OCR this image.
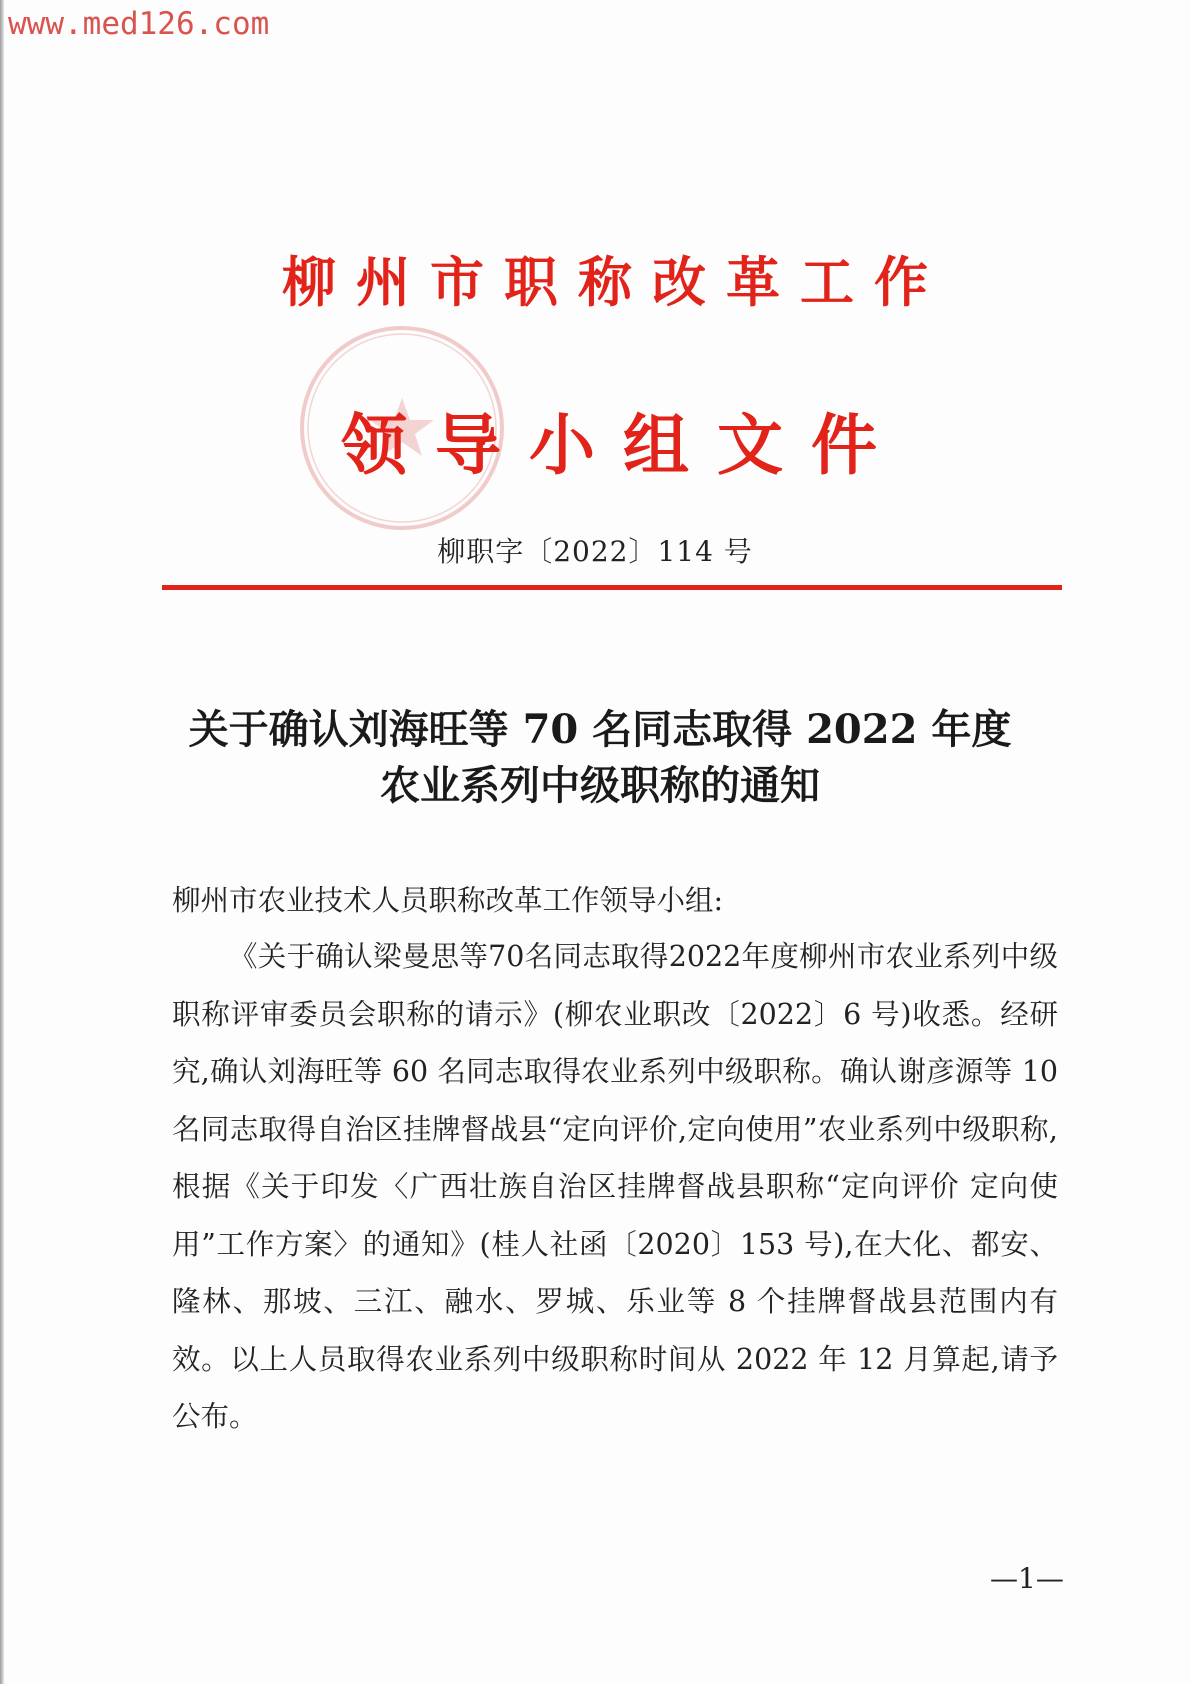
www.med126.com
柳州市职称改革工作
领导小组文件
柳职字〔2022〕114 号
关于确认刘海旺等 70 名同志取得 2022 年度
农业系列中级职称的通知
柳州市农业技术人员职称改革工作领导小组:
《关于确认梁曼思等70名同志取得2022年度柳州市农业系列中级职称评审委员会职称的请示》(柳农业职改〔2022〕6 号)收悉。经研究,确认刘海旺等 60 名同志取得农业系列中级职称。确认谢彦源等 10 名同志取得自治区挂牌督战县“定向评价,定向使用”农业系列中级职称,根据《关于印发〈广西壮族自治区挂牌督战县职称“定向评价 定向使用”工作方案〉的通知》(桂人社函〔2020〕153 号),在大化、都安、隆林、那坡、三江、融水、罗城、乐业等 8 个挂牌督战县范围内有效。以上人员取得农业系列中级职称时间从 2022 年 12 月算起,请予公布。
—1—
